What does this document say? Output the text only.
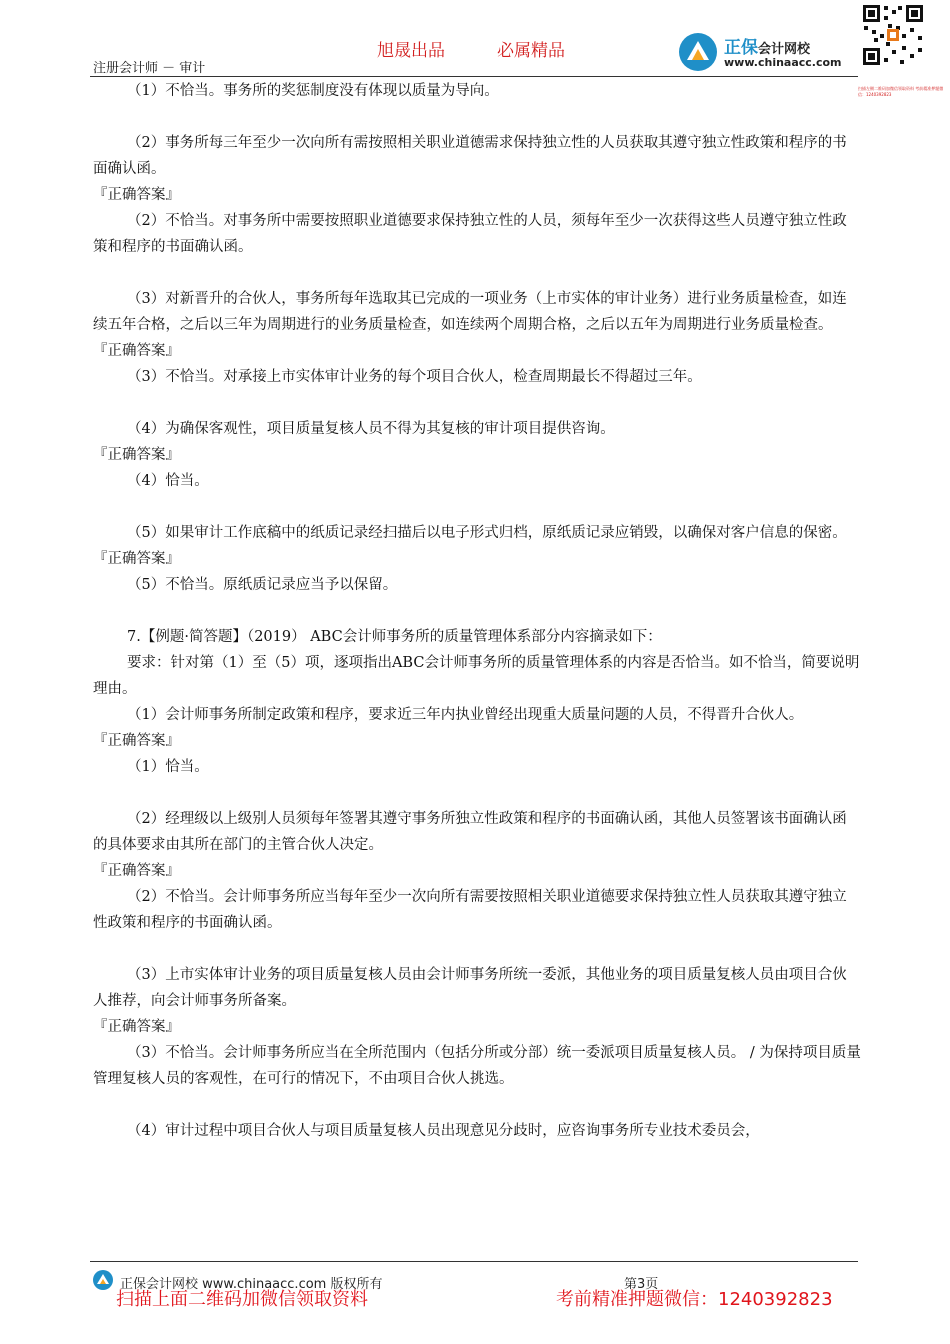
旭晟出品	必属精品
注册会计师 － 审计
正保会计网校
www.chinaacc.com
扫描左侧二维码加微信领取资料 考前精准押题微信：1240392823

（1）不恰当。事务所的奖惩制度没有体现以质量为导向。

（2）事务所每三年至少一次向所有需按照相关职业道德需求保持独立性的人员获取其遵守独立性政策和程序的书面确认函。

『正确答案』

（2）不恰当。对事务所中需要按照职业道德要求保持独立性的人员，须每年至少一次获得这些人员遵守独立性政策和程序的书面确认函。

（3）对新晋升的合伙人，事务所每年选取其已完成的一项业务（上市实体的审计业务）进行业务质量检查，如连续五年合格，之后以三年为周期进行的业务质量检查，如连续两个周期合格，之后以五年为周期进行业务质量检查。

『正确答案』

（3）不恰当。对承接上市实体审计业务的每个项目合伙人，检查周期最长不得超过三年。

（4）为确保客观性，项目质量复核人员不得为其复核的审计项目提供咨询。

『正确答案』

（4）恰当。

（5）如果审计工作底稿中的纸质记录经扫描后以电子形式归档，原纸质记录应销毁，以确保对客户信息的保密。

『正确答案』

（5）不恰当。原纸质记录应当予以保留。

7.【例题·简答题】（2019） ABC会计师事务所的质量管理体系部分内容摘录如下：

要求：针对第（1）至（5）项，逐项指出ABC会计师事务所的质量管理体系的内容是否恰当。如不恰当，简要说明理由。

（1）会计师事务所制定政策和程序，要求近三年内执业曾经出现重大质量问题的人员，不得晋升合伙人。

『正确答案』

（1）恰当。

（2）经理级以上级别人员须每年签署其遵守事务所独立性政策和程序的书面确认函，其他人员签署该书面确认函的具体要求由其所在部门的主管合伙人决定。

『正确答案』

（2）不恰当。会计师事务所应当每年至少一次向所有需要按照相关职业道德要求保持独立性人员获取其遵守独立性政策和程序的书面确认函。

（3）上市实体审计业务的项目质量复核人员由会计师事务所统一委派，其他业务的项目质量复核人员由项目合伙人推荐，向会计师事务所备案。

『正确答案』

（3）不恰当。会计师事务所应当在全所范围内（包括分所或分部）统一委派项目质量复核人员。 / 为保持项目质量管理复核人员的客观性，在可行的情况下，不由项目合伙人挑选。

（4）审计过程中项目合伙人与项目质量复核人员出现意见分歧时，应咨询事务所专业技术委员会，

正保会计网校 www.chinaacc.com 版权所有	第3页
扫描上面二维码加微信领取资料	考前精准押题微信：1240392823
